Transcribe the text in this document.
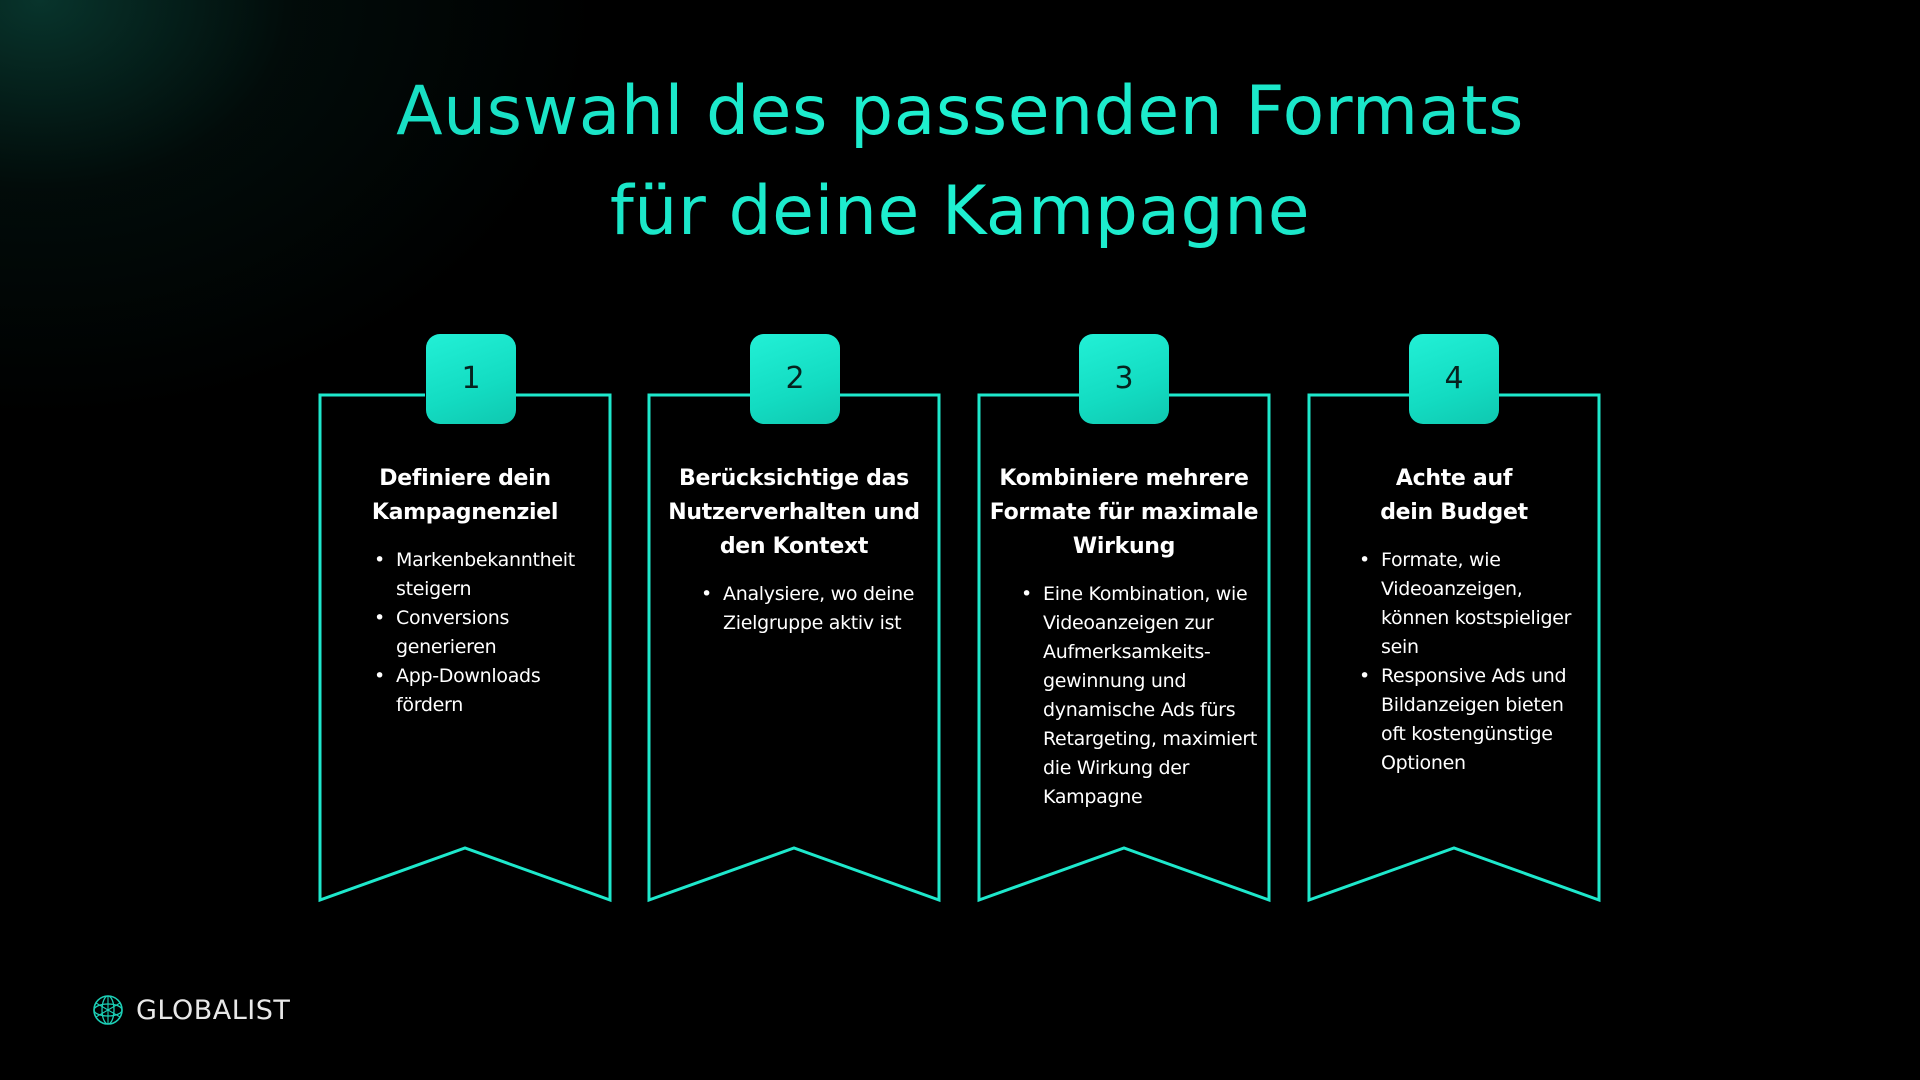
Auswahl des passenden Formats
für deine Kampagne
1
Definiere dein Kampagnenziel
• Markenbekanntheit steigern
• Conversions generieren
• App-Downloads fördern
2
Berücksichtige das Nutzerverhalten und den Kontext
• Analysiere, wo deine Zielgruppe aktiv ist
3
Kombiniere mehrere Formate für maximale Wirkung
• Eine Kombination, wie Videoanzeigen zur Aufmerksamkeits-gewinnung und dynamische Ads fürs Retargeting, maximiert die Wirkung der Kampagne
4
Achte auf dein Budget
• Formate, wie Videoanzeigen, können kostspieliger sein
• Responsive Ads und Bildanzeigen bieten oft kostengünstige Optionen
GLOBALIST
